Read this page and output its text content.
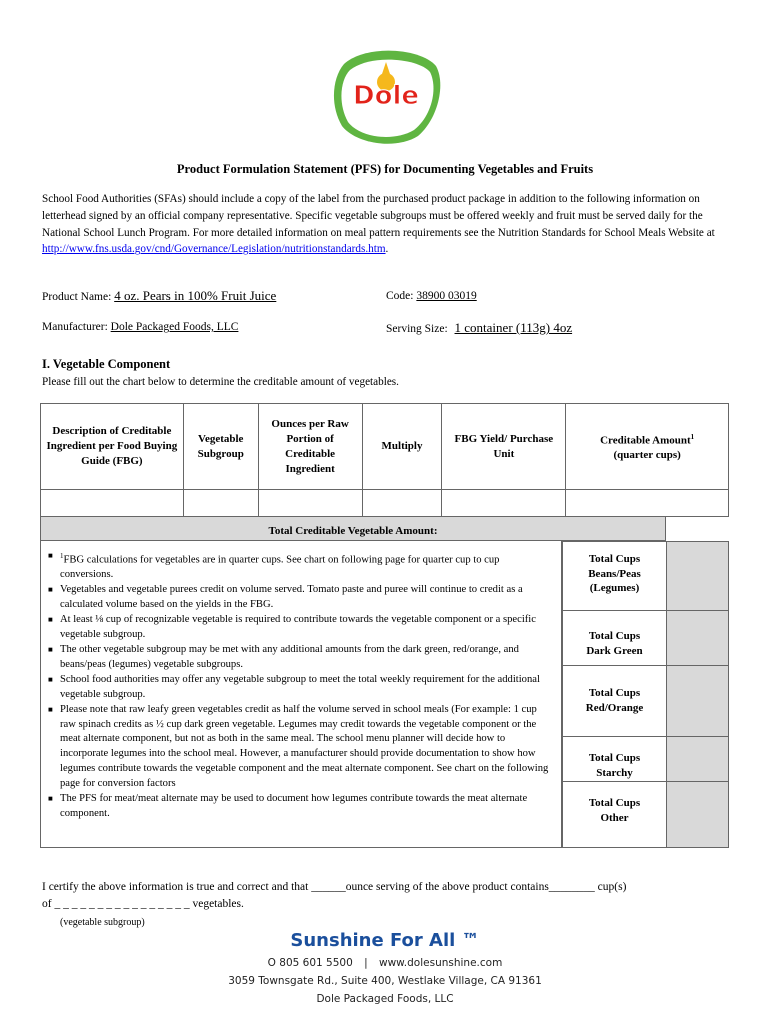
Dole
Product Formulation Statement (PFS) for Documenting Vegetables and Fruits
School Food Authorities (SFAs) should include a copy of the label from the purchased product package in addition to the following information on letterhead signed by an official company representative. Specific vegetable subgroups must be offered weekly and fruit must be served daily for the National School Lunch Program. For more detailed information on meal pattern requirements see the Nutrition Standards for School Meals Website at http://www.fns.usda.gov/cnd/Governance/Legislation/nutritionstandards.htm.
Product Name: 4 oz. Pears in 100% Fruit Juice	Code: 38900 03019
Manufacturer: Dole Packaged Foods, LLC	Serving Size: 1 container (113g) 4oz
I. Vegetable Component
Please fill out the chart below to determine the creditable amount of vegetables.
Description of Creditable Ingredient per Food Buying Guide (FBG)	Vegetable Subgroup	Ounces per Raw Portion of Creditable Ingredient	Multiply	FBG Yield/ Purchase Unit	Creditable Amount$^1$
(quarter cups)

Total Creditable Vegetable Amount:
■ $^1$FBG calculations for vegetables are in quarter cups. See chart on following page for quarter cup to cup conversions.
■ Vegetables and vegetable purees credit on volume served. Tomato paste and puree will continue to credit as a calculated volume based on the yields in the FBG.
■ At least ⅛ cup of recognizable vegetable is required to contribute towards the vegetable component or a specific vegetable subgroup.
■ The other vegetable subgroup may be met with any additional amounts from the dark green, red/orange, and beans/peas (legumes) vegetable subgroups.
■ School food authorities may offer any vegetable subgroup to meet the total weekly requirement for the additional vegetable subgroup.
■ Please note that raw leafy green vegetables credit as half the volume served in school meals (For example: 1 cup raw spinach credits as ½ cup dark green vegetable. Legumes may credit towards the vegetable component or the meat alternate component, but not as both in the same meal. The school menu planner will decide how to incorporate legumes into the school meal. However, a manufacturer should provide documentation to show how legumes contribute towards the vegetable component and the meat alternate component. See chart on the following page for conversion factors
■ The PFS for meat/meat alternate may be used to document how legumes contribute towards the meat alternate component.
Total Cups
Beans/Peas
(Legumes)
Total Cups
Dark Green
Total Cups
Red/Orange
Total Cups
Starchy
Total Cups
Other
I certify the above information is true and correct and that ______ounce serving of the above product contains________ cup(s)
of _ _ _ _ _ _ _ _ _ _ _ _ _ _ _ _ vegetables.
(vegetable subgroup)
Sunshine For All ™
O 805 601 5500 | www.dolesunshine.com
3059 Townsgate Rd., Suite 400, Westlake Village, CA 91361
Dole Packaged Foods, LLC
